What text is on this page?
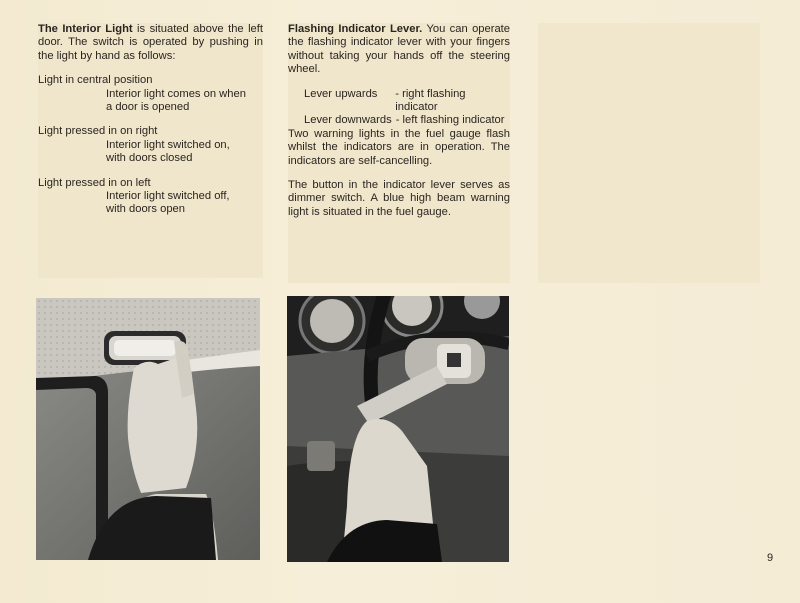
The Interior Light is situated above the left door. The switch is operated by pushing in the light by hand as follows:

Light in central position

Interior light comes on when

a door is opened

Light pressed in on right

Interior light switched on,

with doors closed

Light pressed in on left

Interior light switched off,

with doors open

Flashing Indicator Lever. You can operate the flashing indicator lever with your fingers without taking your hands off the steering wheel.

Lever upwards	- right flashing indicator
Lever downwards - left flashing indicator

Two warning lights in the fuel gauge flash whilst the indicators are in operation. The indicators are self-cancelling.

The button in the indicator lever serves as dimmer switch. A blue high beam warning light is situated in the fuel gauge.

9
